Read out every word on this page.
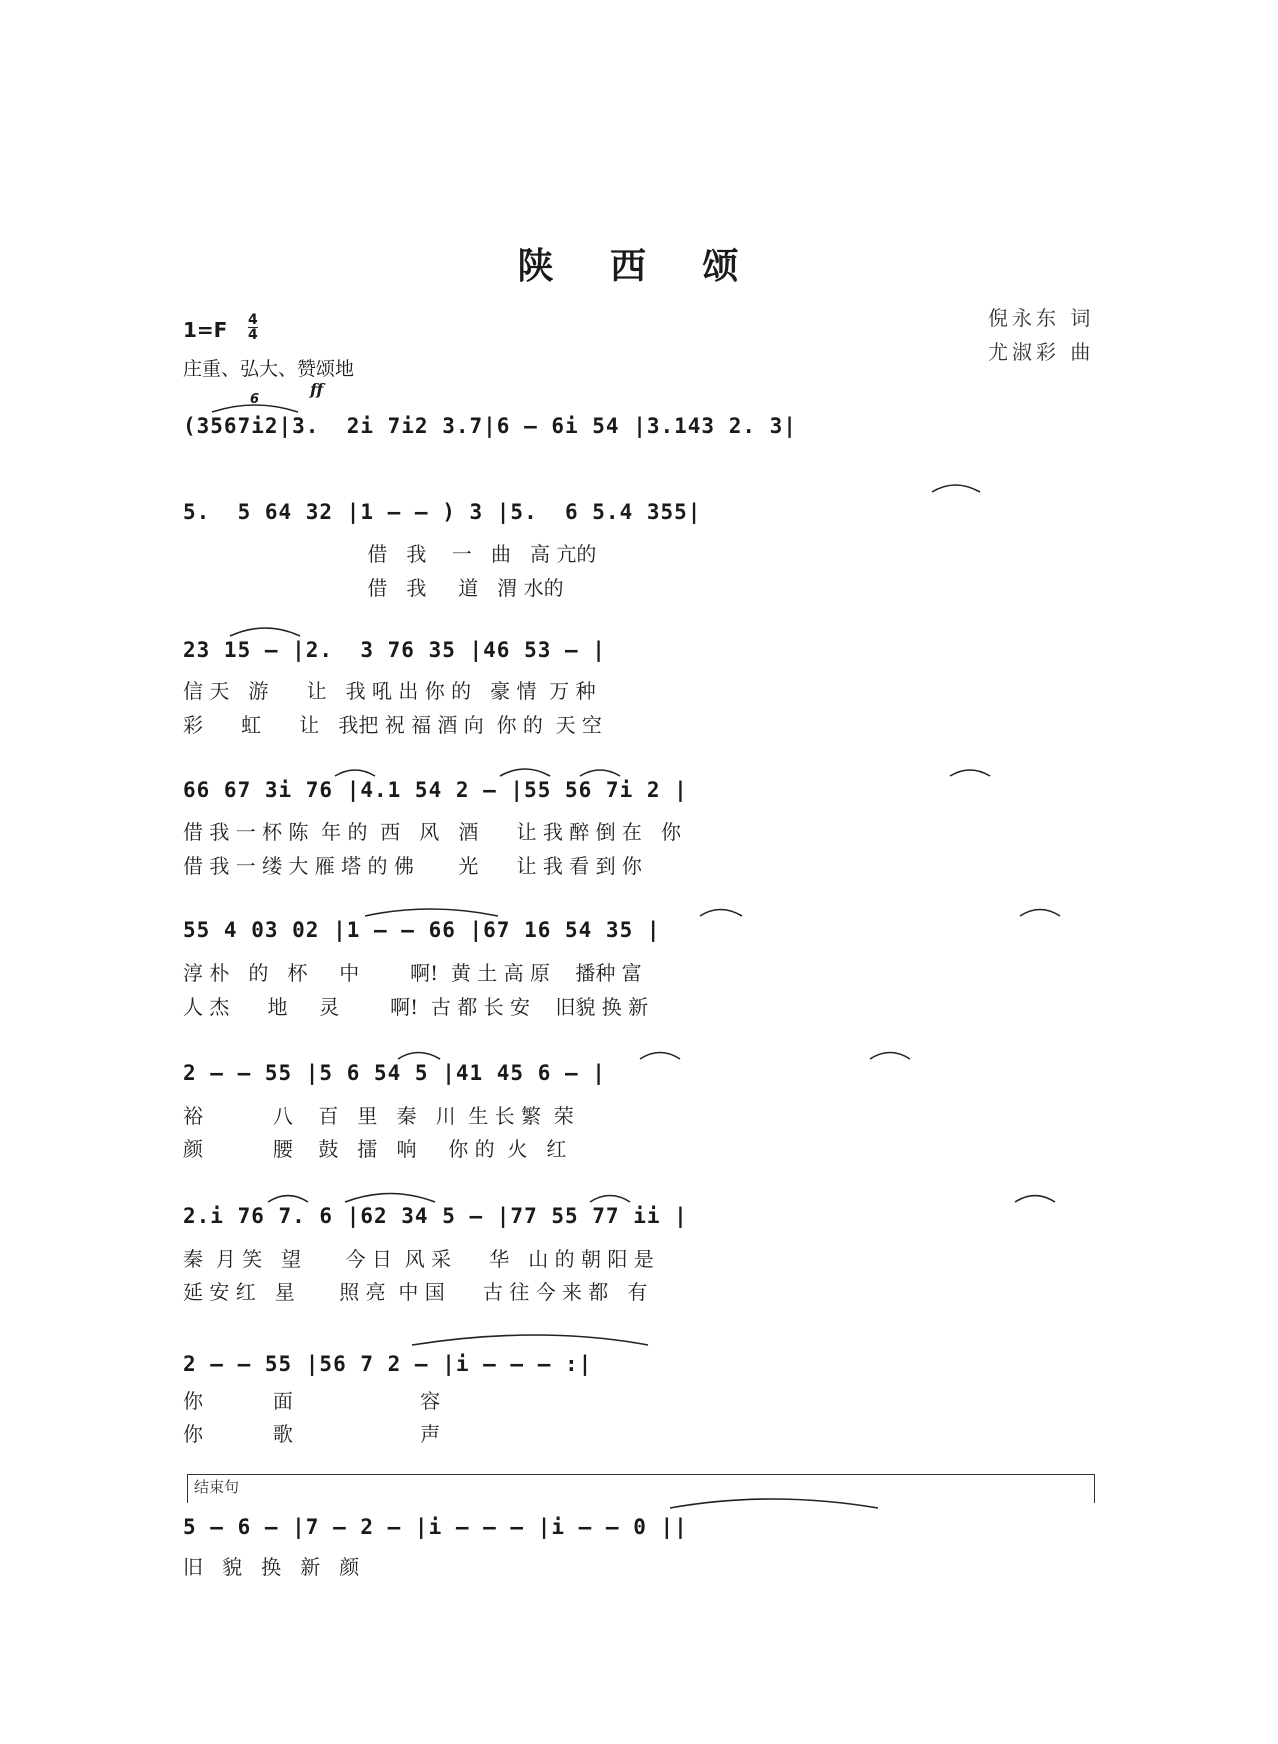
陕 西 颂
倪永东 词
尤淑彩 曲
1=F 4
4
庄重、弘大、赞颂地
6
ff
(3567i2|3.  2i 7i2 3.7|6 – 6i 54 |3.143 2. 3|
5.  5 64 32 |1 – – ) 3 |5.  6 5.4 355|
借   我    一   曲   高 亢的
借   我     道   渭 水的
23 15 – |2.  3 76 35 |46 53 – |
信 天   游      让   我 吼 出 你 的   豪 情  万 种
彩      虹      让   我把 祝 福 酒 向  你 的  天 空
66 67 3i 76 |4.1 54 2 – |55 56 7i 2 |
借 我 一 杯 陈  年 的  西   风   酒      让 我 醉 倒 在   你
借 我 一 缕 大 雁 塔 的 佛       光      让 我 看 到 你
55 4 03 02 |1 – – 66 |67 16 54 35 |
淳 朴   的   杯     中        啊!  黄 土 高 原    播种 富
人 杰      地     灵        啊!  古 都 长 安    旧貌 换 新
2 – – 55 |5 6 54 5 |41 45 6 – |
裕           八    百   里   秦   川  生 长 繁  荣
颜           腰    鼓   擂   响     你 的  火   红
2.i 76 7. 6 |62 34 5 – |77 55 77 ii |
秦  月 笑   望       今 日  风 采      华   山 的 朝 阳 是
延 安 红   星       照 亮  中 国      古 往 今 来 都   有
2 – – 55 |56 7 2 – |i – – – :|
你           面                    容
你           歌                    声
结束句
5 – 6 – |7 – 2 – |i – – – |i – – 0 ||
旧   貌   换   新   颜
